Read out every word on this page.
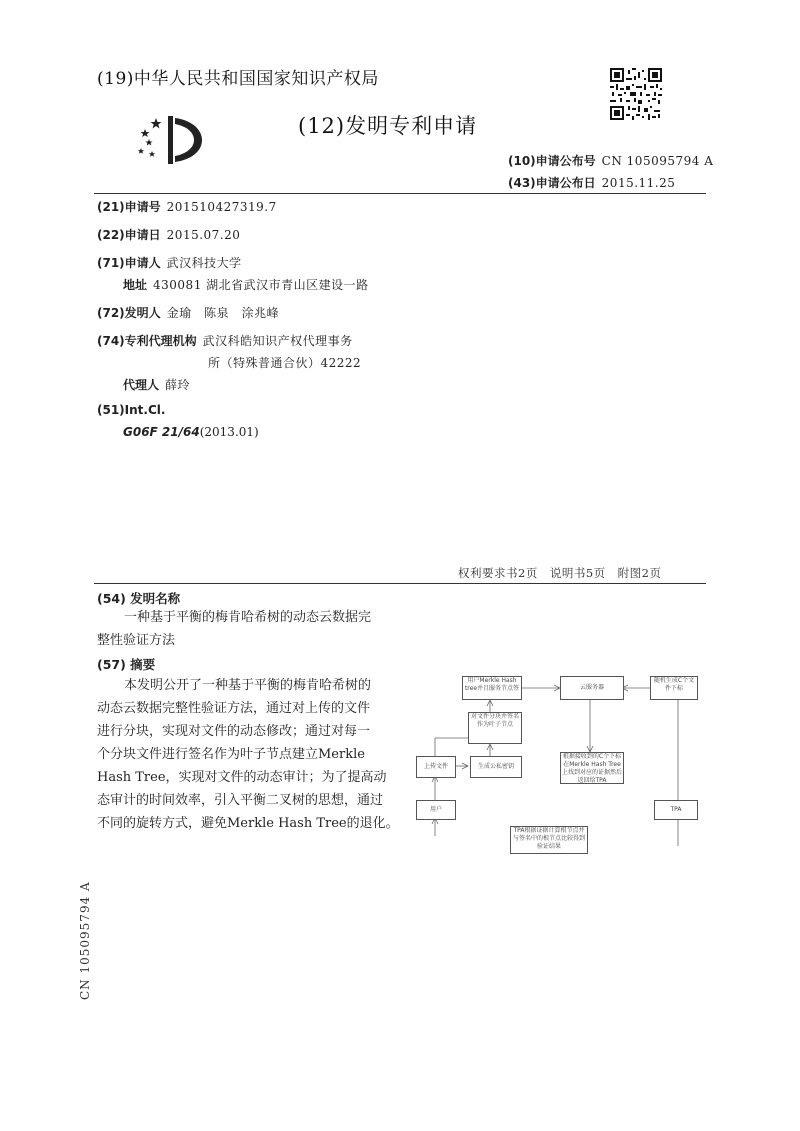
(19)中华人民共和国国家知识产权局
(12)发明专利申请
(10)申请公布号 CN 105095794 A
(43)申请公布日 2015.11.25
(21)申请号 201510427319.7
(22)申请日 2015.07.20
(71)申请人 武汉科技大学
地址 430081 湖北省武汉市青山区建设一路
(72)发明人 金瑜　陈泉　涂兆峰
(74)专利代理机构 武汉科皓知识产权代理事务
所（特殊普通合伙）42222
代理人 薛玲
(51)Int.Cl.
G06F 21/64(2013.01)
权利要求书2页　说明书5页　附图2页
(54) 发明名称
一种基于平衡的梅肯哈希树的动态云数据完
整性验证方法
(57) 摘要
本发明公开了一种基于平衡的梅肯哈希树的
动态云数据完整性验证方法，通过对上传的文件
进行分块，实现对文件的动态修改；通过对每一
个分块文件进行签名作为叶子节点建立Merkle
Hash Tree，实现对文件的动态审计；为了提高动
态审计的时间效率，引入平衡二叉树的思想，通过
不同的旋转方式，避免Merkle Hash Tree的退化。
用户Merkle Hash tree并且服务节点签	云服务器
随机生成C个文件下标
对文件分块并签名作为叶子节点
上传文件	生成公私密钥
根据接收到的C个下标在Merkle Hash Tree上找到对应的证据然后返回给TPA
用户	TPA
TPA根据证据计算根节点并与签名中的根节点比较得到验证结果
CN 105095794 A
